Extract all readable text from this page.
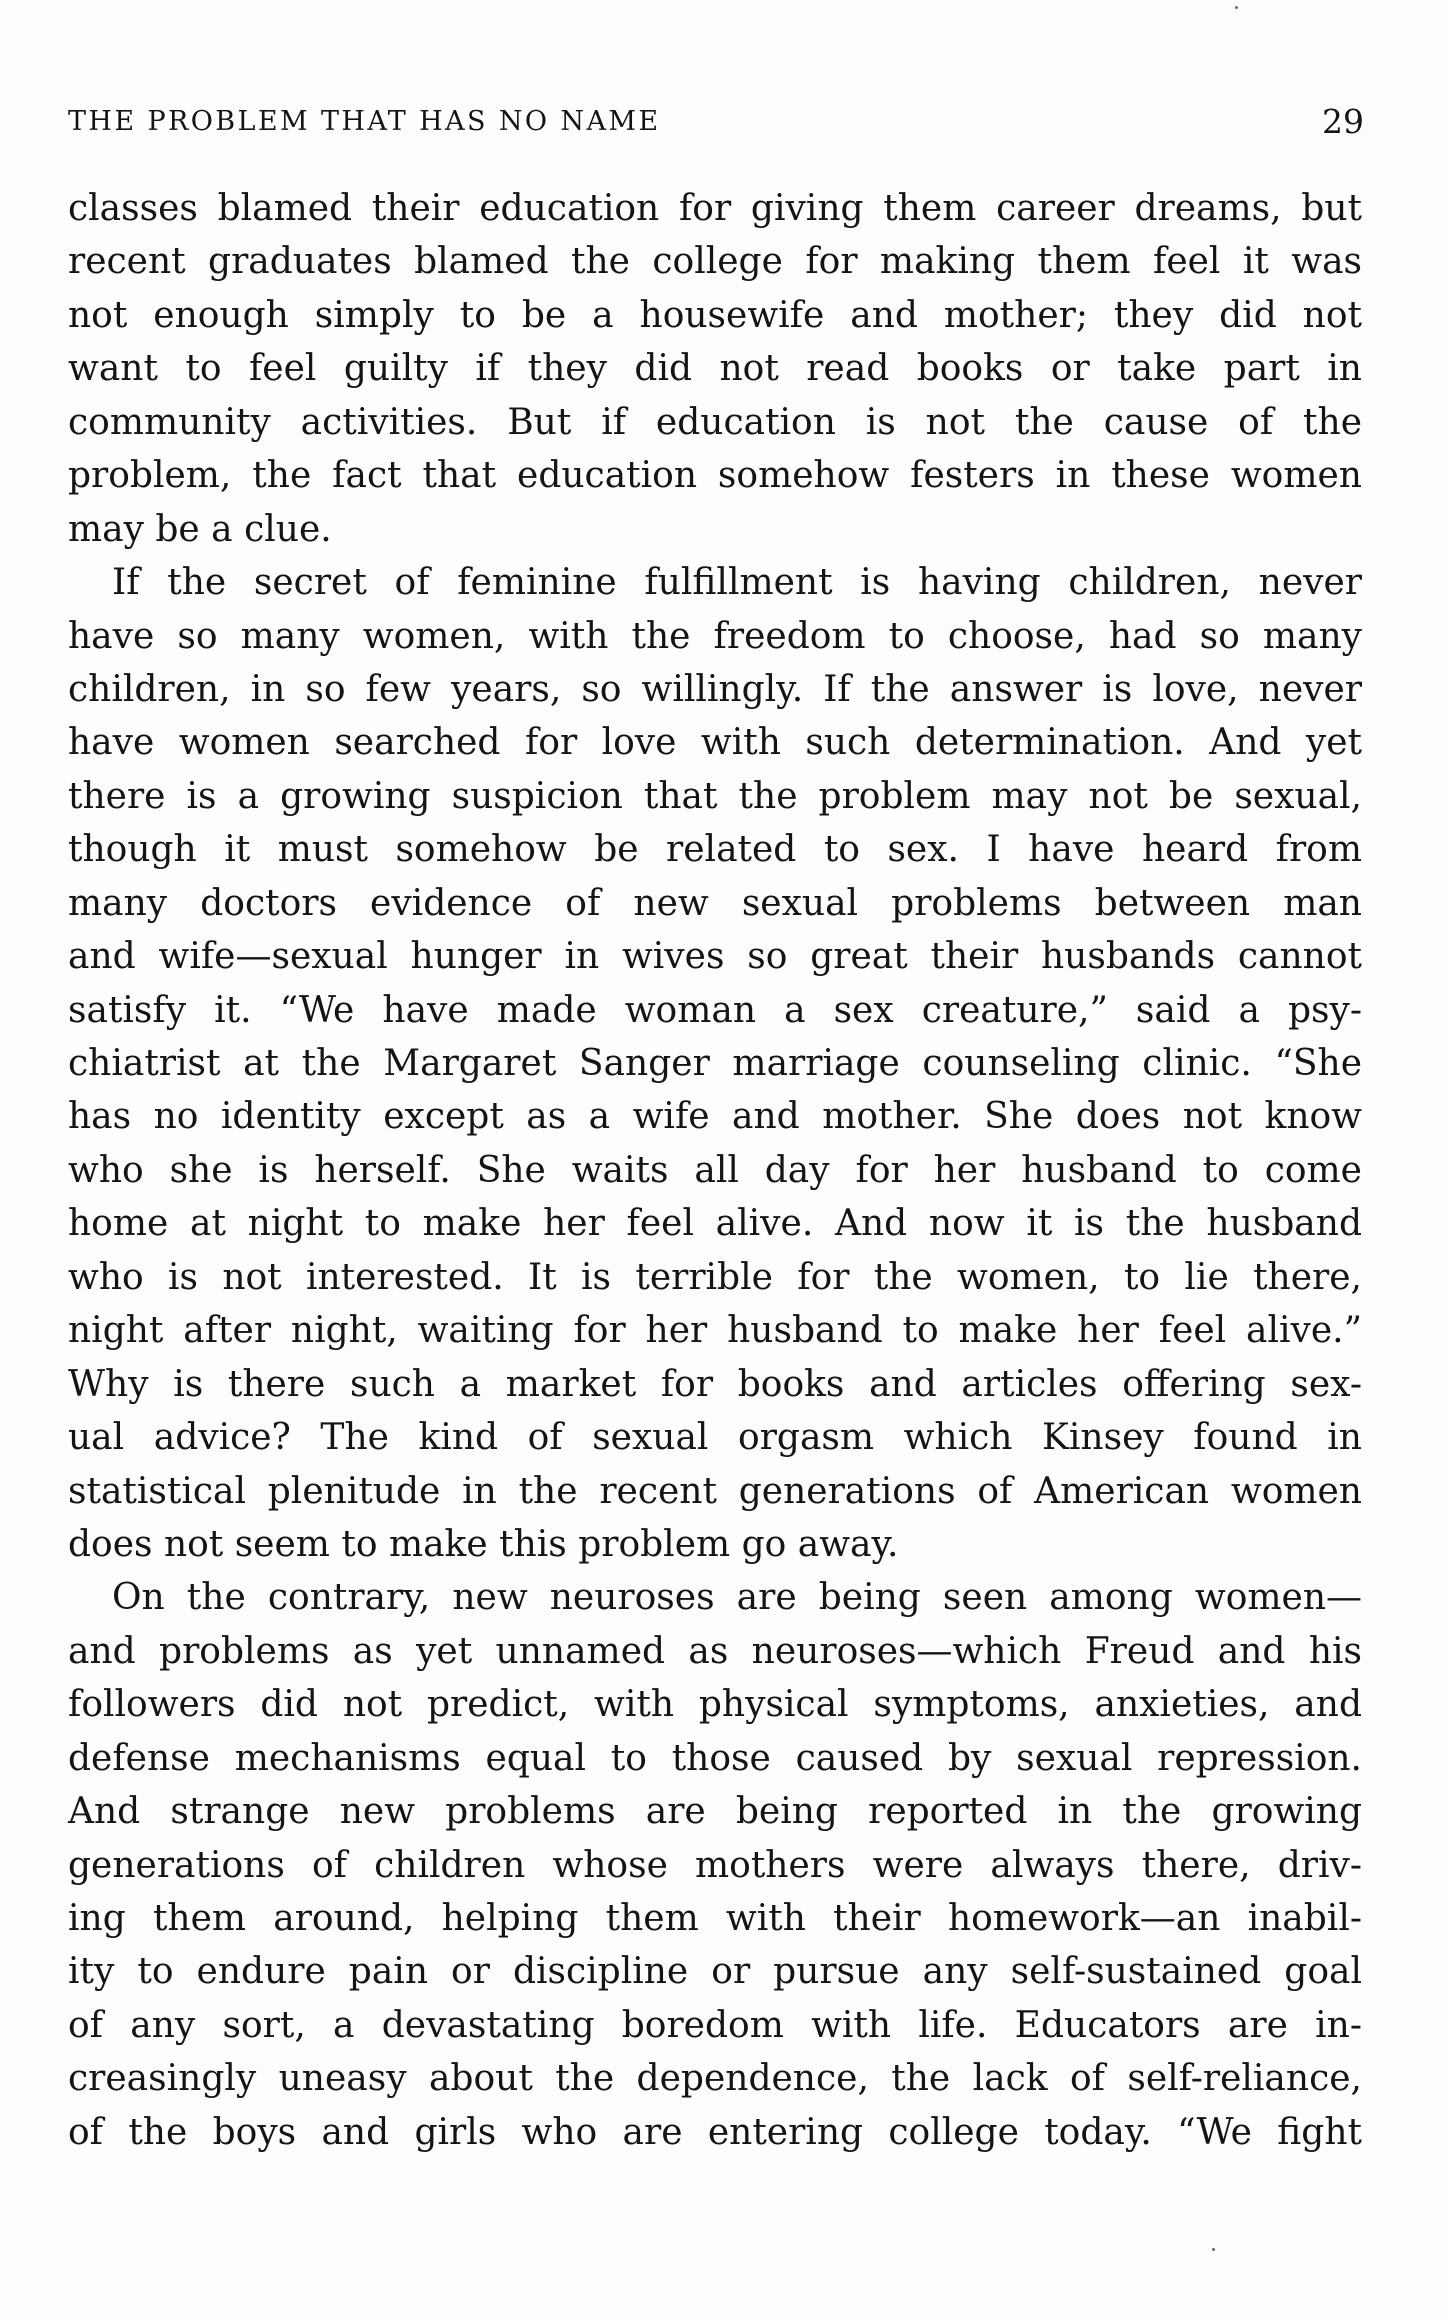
THE PROBLEM THAT HAS NO NAME	29
classes blamed their education for giving them career dreams, but
recent graduates blamed the college for making them feel it was
not enough simply to be a housewife and mother; they did not
want to feel guilty if they did not read books or take part in
community activities. But if education is not the cause of the
problem, the fact that education somehow festers in these women
may be a clue.
If the secret of feminine fulfillment is having children, never
have so many women, with the freedom to choose, had so many
children, in so few years, so willingly. If the answer is love, never
have women searched for love with such determination. And yet
there is a growing suspicion that the problem may not be sexual,
though it must somehow be related to sex. I have heard from
many doctors evidence of new sexual problems between man
and wife—sexual hunger in wives so great their husbands cannot
satisfy it. “We have made woman a sex creature,” said a psy-
chiatrist at the Margaret Sanger marriage counseling clinic. “She
has no identity except as a wife and mother. She does not know
who she is herself. She waits all day for her husband to come
home at night to make her feel alive. And now it is the husband
who is not interested. It is terrible for the women, to lie there,
night after night, waiting for her husband to make her feel alive.”
Why is there such a market for books and articles offering sex-
ual advice? The kind of sexual orgasm which Kinsey found in
statistical plenitude in the recent generations of American women
does not seem to make this problem go away.
On the contrary, new neuroses are being seen among women—
and problems as yet unnamed as neuroses—which Freud and his
followers did not predict, with physical symptoms, anxieties, and
defense mechanisms equal to those caused by sexual repression.
And strange new problems are being reported in the growing
generations of children whose mothers were always there, driv-
ing them around, helping them with their homework—an inabil-
ity to endure pain or discipline or pursue any self-sustained goal
of any sort, a devastating boredom with life. Educators are in-
creasingly uneasy about the dependence, the lack of self-reliance,
of the boys and girls who are entering college today. “We fight
